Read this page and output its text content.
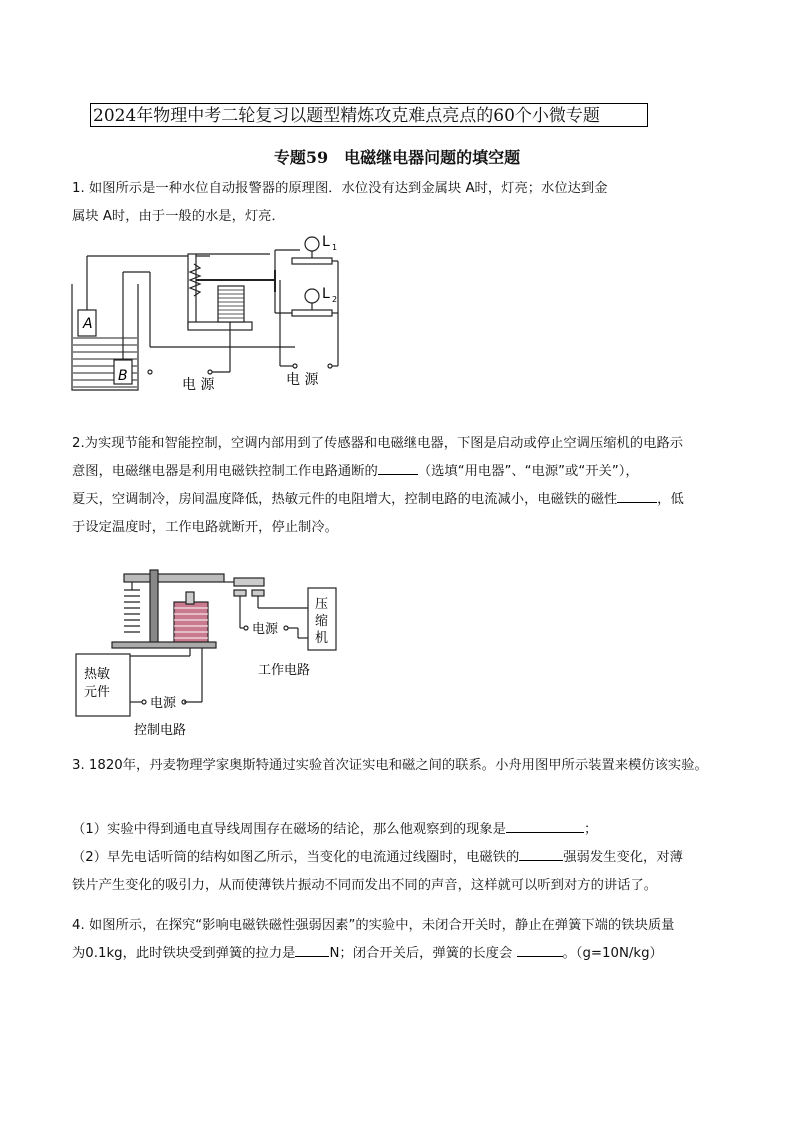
2024年物理中考二轮复习以题型精炼攻克难点亮点的60个小微专题
专题59　电磁继电器问题的填空题
1. 如图所示是一种水位自动报警器的原理图．水位没有达到金属块 A时，灯亮；水位达到金
属块 A时，由于一般的水是，灯亮．
A
B
L 1
L 2
电 源	电 源
2.为实现节能和智能控制，空调内部用到了传感器和电磁继电器，下图是启动或停止空调压缩机的电路示
意图，电磁继电器是利用电磁铁控制工作电路通断的	（选填“用电器”、“电源”或“开关”），
夏天，空调制冷，房间温度降低，热敏元件的电阻增大，控制电路的电流减小，电磁铁的磁性	，低
于设定温度时，工作电路就断开，停止制冷。
热敏
元件
电源
电源
压
缩
机
工作电路
控制电路
3. 1820年，丹麦物理学家奥斯特通过实验首次证实电和磁之间的联系。小舟用图甲所示装置来模仿该实验。
（1）实验中得到通电直导线周围存在磁场的结论，那么他观察到的现象是	；
（2）早先电话听筒的结构如图乙所示，当变化的电流通过线圈时，电磁铁的	强弱发生变化，对薄
铁片产生变化的吸引力，从而使薄铁片振动不同而发出不同的声音，这样就可以听到对方的讲话了。
4. 如图所示，在探究“影响电磁铁磁性强弱因素”的实验中，未闭合开关时，静止在弹簧下端的铁块质量
为0.1kg，此时铁块受到弹簧的拉力是	N；闭合开关后，弹簧的长度会	。（g=10N/kg）
